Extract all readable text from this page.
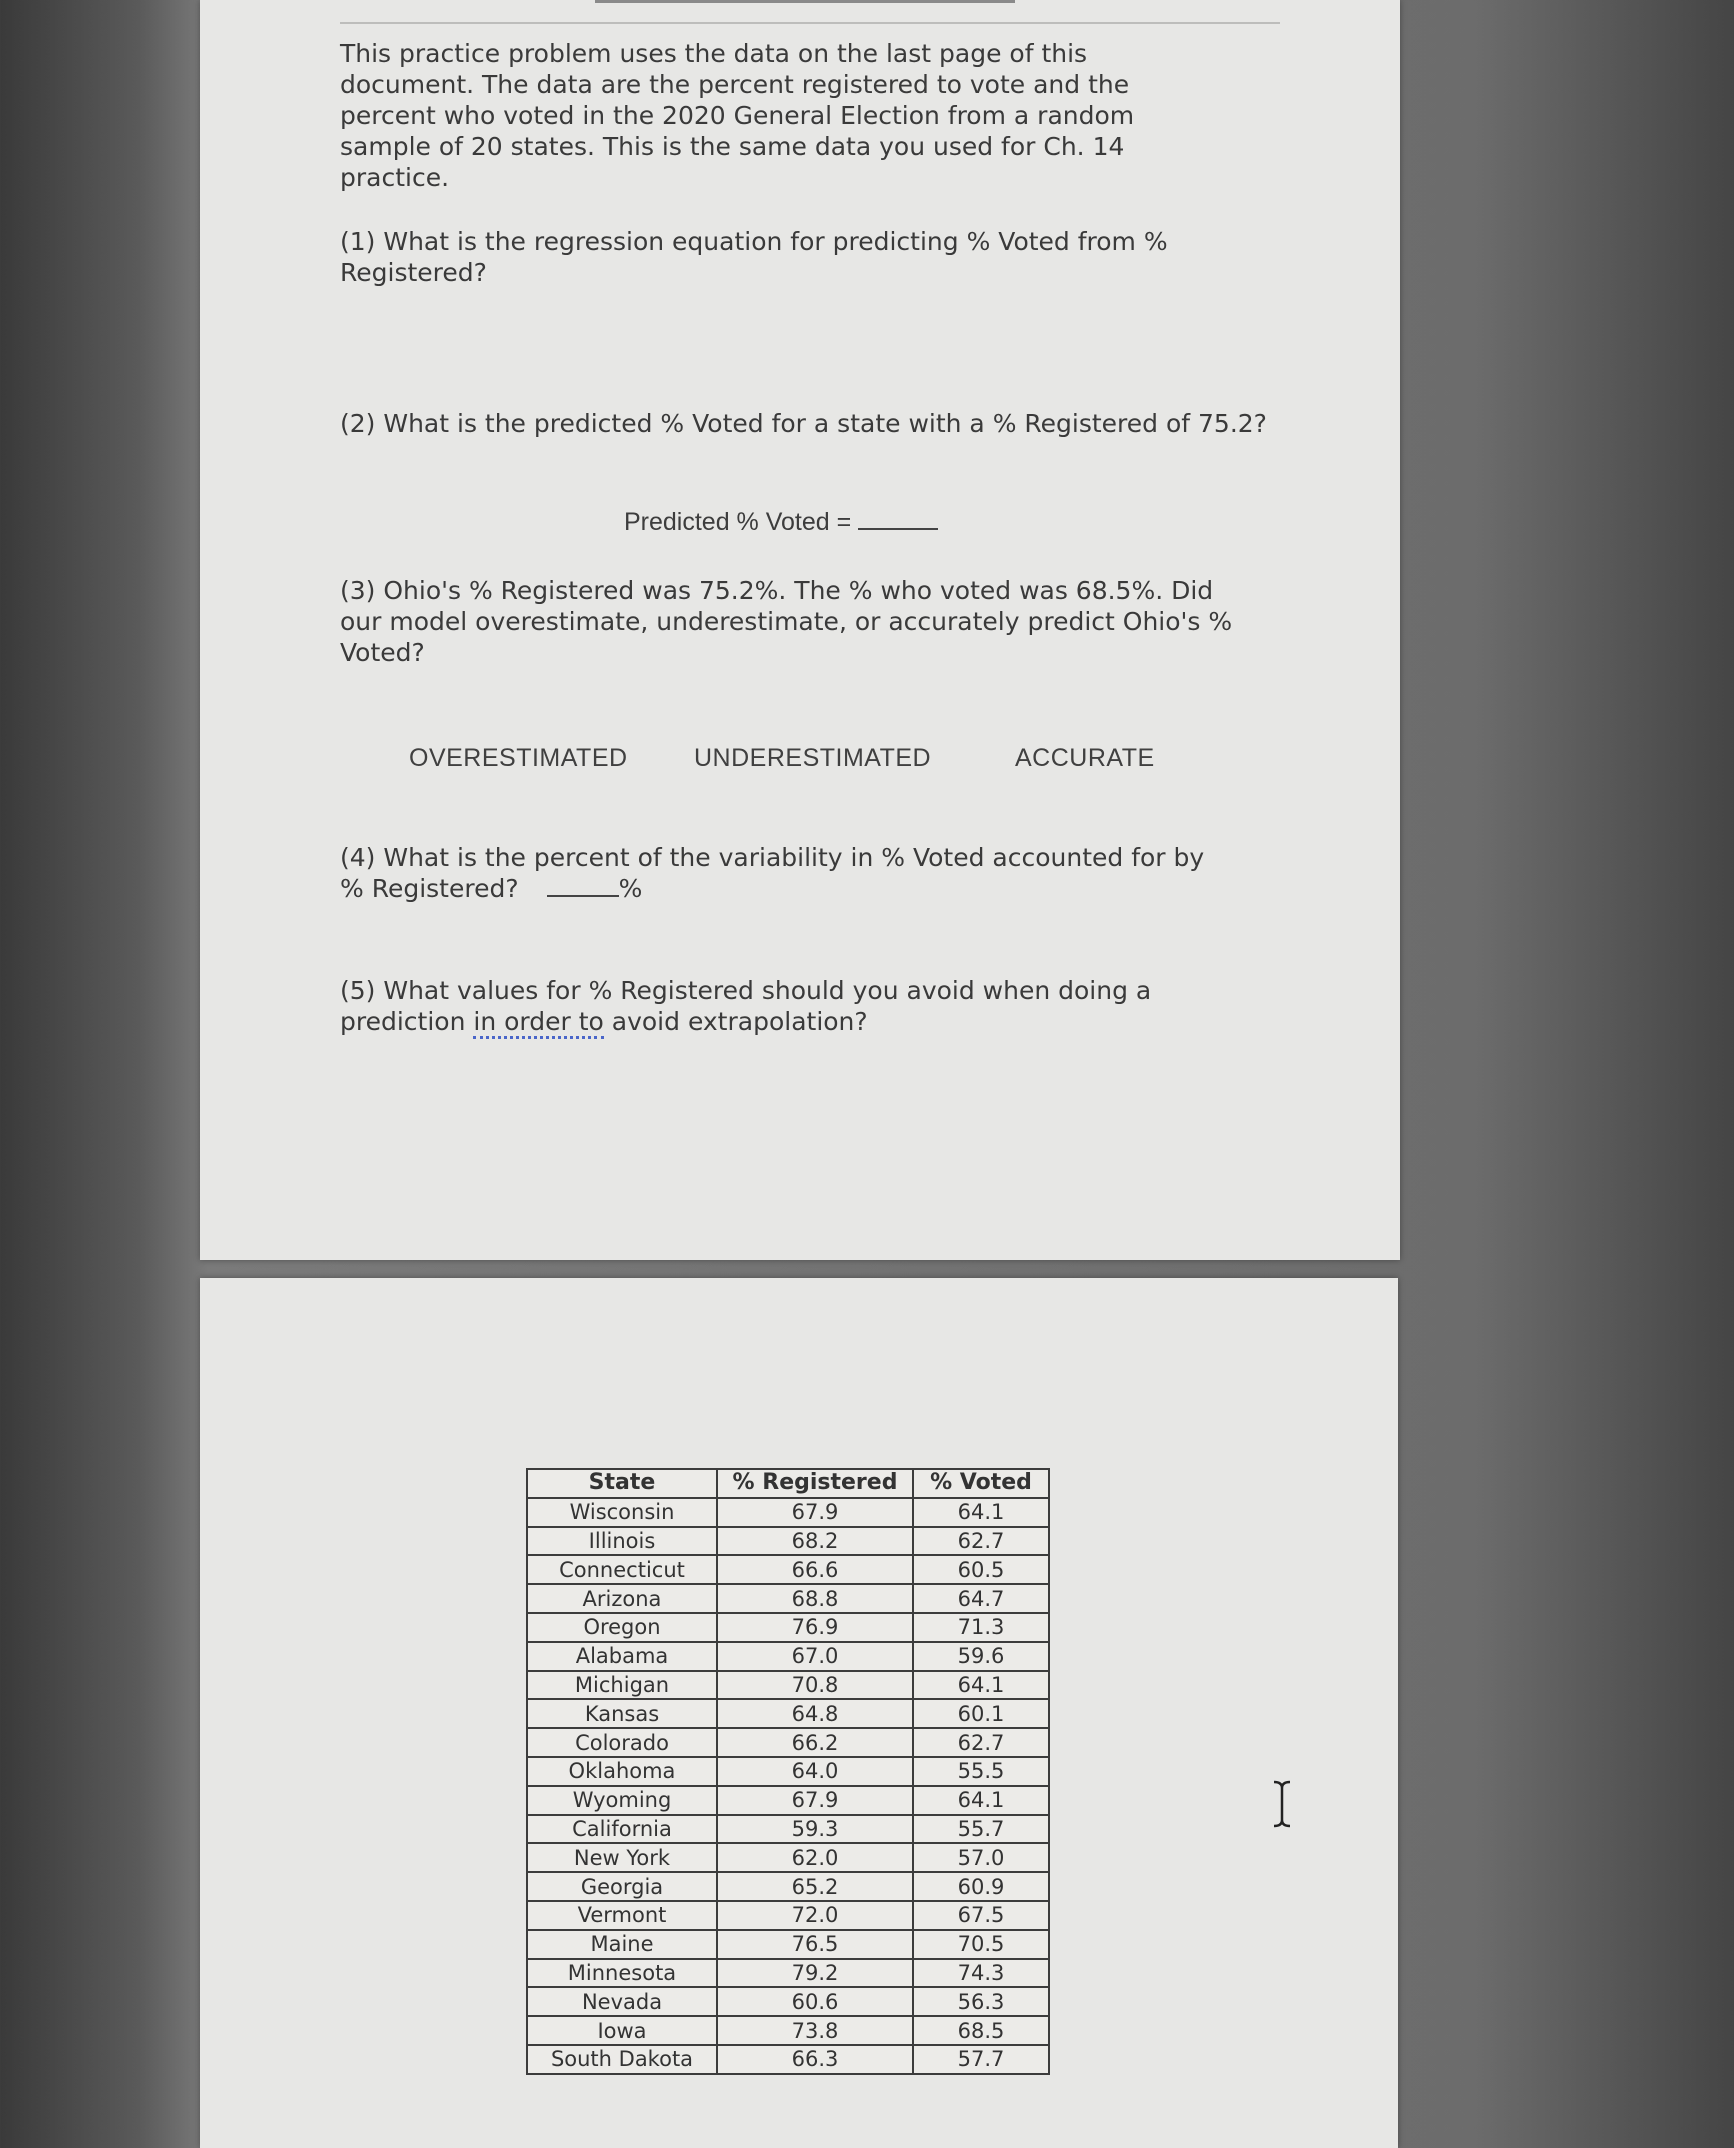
This practice problem uses the data on the last page of this document. The data are the percent registered to vote and the percent who voted in the 2020 General Election from a random sample of 20 states. This is the same data you used for Ch. 14 practice.

(1) What is the regression equation for predicting % Voted from % Registered?

(2) What is the predicted % Voted for a state with a % Registered of 75.2?

Predicted % Voted =

(3) Ohio's % Registered was 75.2%. The % who voted was 68.5%. Did our model overestimate, underestimate, or accurately predict Ohio's % Voted?

OVERESTIMATED	UNDERESTIMATED	ACCURATE
(4) What is the percent of the variability in % Voted accounted for by
% Registered?	%
(5) What values for % Registered should you avoid when doing a
prediction in order to avoid extrapolation?
State	% Registered	% Voted
Wisconsin	67.9	64.1
Illinois	68.2	62.7
Connecticut	66.6	60.5
Arizona	68.8	64.7
Oregon	76.9	71.3
Alabama	67.0	59.6
Michigan	70.8	64.1
Kansas	64.8	60.1
Colorado	66.2	62.7
Oklahoma	64.0	55.5
Wyoming	67.9	64.1
California	59.3	55.7
New York	62.0	57.0
Georgia	65.2	60.9
Vermont	72.0	67.5
Maine	76.5	70.5
Minnesota	79.2	74.3
Nevada	60.6	56.3
Iowa	73.8	68.5
South Dakota	66.3	57.7
